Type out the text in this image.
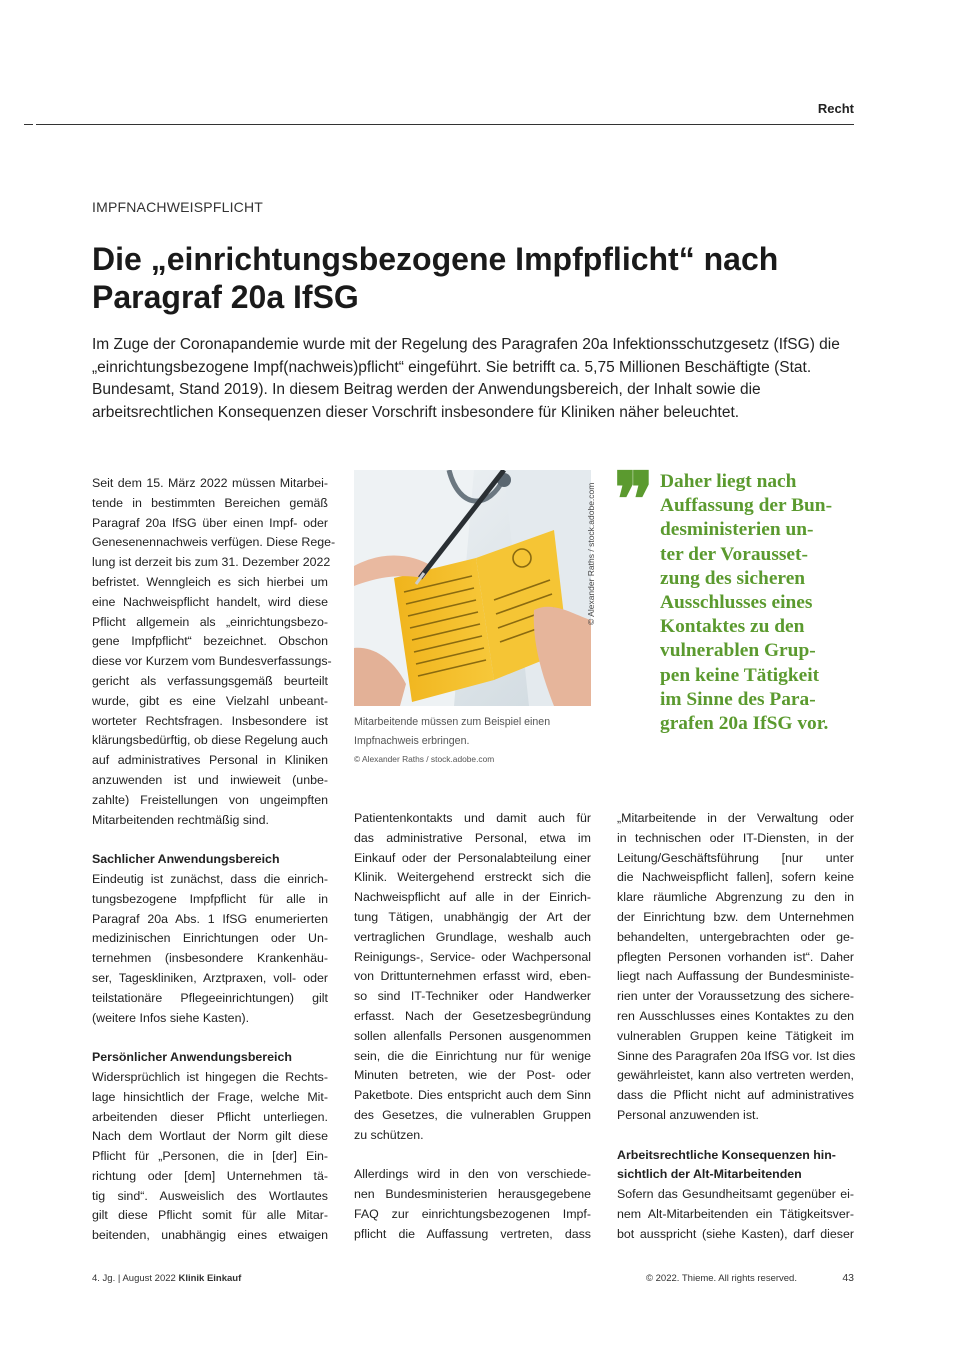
Recht
IMPFNACHWEISPFLICHT
Die „einrichtungsbezogene Impfpflicht“ nach Paragraf 20a IfSG

Im Zuge der Coronapandemie wurde mit der Regelung des Paragrafen 20a Infektionsschutzgesetz (IfSG) die „einrichtungsbezogene Impf(nachweis)pflicht“ eingeführt. Sie betrifft ca. 5,75 Millionen Beschäftigte (Stat. Bundesamt, Stand 2019). In diesem Beitrag werden der Anwendungsbereich, der Inhalt sowie die arbeitsrechtlichen Konsequenzen dieser Vorschrift insbesondere für Kliniken näher beleuchtet.

Seit dem 15. März 2022 müssen Mitarbei-
tende in bestimmten Bereichen gemäß
Paragraf 20a IfSG über einen Impf- oder
Genesenennachweis verfügen. Diese Rege-
lung ist derzeit bis zum 31. Dezember 2022
befristet. Wenngleich es sich hierbei um
eine Nachweispflicht handelt, wird diese
Pflicht allgemein als „einrichtungsbezo-
gene Impfpflicht“ bezeichnet. Obschon
diese vor Kurzem vom Bundesverfassungs-
gericht als verfassungsgemäß beurteilt
wurde, gibt es eine Vielzahl unbeant-
worteter Rechtsfragen. Insbesondere ist
klärungsbedürftig, ob diese Regelung auch
auf administratives Personal in Kliniken
anzuwenden ist und inwieweit (unbe-
zahlte) Freistellungen von ungeimpften
Mitarbeitenden rechtmäßig sind.
Sachlicher Anwendungsbereich
Eindeutig ist zunächst, dass die einrich-
tungsbezogene Impfpflicht für alle in
Paragraf 20a Abs. 1 IfSG enumerierten
medizinischen Einrichtungen oder Un-
ternehmen (insbesondere Krankenhäu-
ser, Tageskliniken, Arztpraxen, voll- oder
teilstationäre Pflegeeinrichtungen) gilt
(weitere Infos siehe Kasten).
Persönlicher Anwendungsbereich
Widersprüchlich ist hingegen die Rechts-
lage hinsichtlich der Frage, welche Mit-
arbeitenden dieser Pflicht unterliegen.
Nach dem Wortlaut der Norm gilt diese
Pflicht für „Personen, die in [der] Ein-
richtung oder [dem] Unternehmen tä-
tig sind“. Ausweislich des Wortlautes
gilt diese Pflicht somit für alle Mitar-
beitenden, unabhängig eines etwaigen
© Alexander Raths / stock.adobe.com
Mitarbeitende müssen zum Beispiel einen
Impfnachweis erbringen.
© Alexander Raths / stock.adobe.com
❞ Daher liegt nach
Auffassung der Bun-
desministerien un-
ter der Vorausset-
zung des sicheren
Ausschlusses eines
Kontaktes zu den
vulnerablen Grup-
pen keine Tätigkeit
im Sinne des Para-
grafen 20a IfSG vor.
Patientenkontakts und damit auch für
das administrative Personal, etwa im
Einkauf oder der Personalabteilung einer
Klinik. Weitergehend erstreckt sich die
Nachweispflicht auf alle in der Einrich-
tung Tätigen, unabhängig der Art der
vertraglichen Grundlage, weshalb auch
Reinigungs-, Service- oder Wachpersonal
von Drittunternehmen erfasst wird, eben-
so sind IT-Techniker oder Handwerker
erfasst. Nach der Gesetzesbegründung
sollen allenfalls Personen ausgenommen
sein, die die Einrichtung nur für wenige
Minuten betreten, wie der Post- oder
Paketbote. Dies entspricht auch dem Sinn
des Gesetzes, die vulnerablen Gruppen
zu schützen.
Allerdings wird in den von verschiede-
nen Bundesministerien herausgegebene
FAQ zur einrichtungsbezogenen Impf-
pflicht die Auffassung vertreten, dass
„Mitarbeitende in der Verwaltung oder
in technischen oder IT-Diensten, in der
Leitung/Geschäftsführung [nur unter
die Nachweispflicht fallen], sofern keine
klare räumliche Abgrenzung zu den in
der Einrichtung bzw. dem Unternehmen
behandelten, untergebrachten oder ge-
pflegten Personen vorhanden ist“. Daher
liegt nach Auffassung der Bundesministe-
rien unter der Voraussetzung des sichere-
ren Ausschlusses eines Kontaktes zu den
vulnerablen Gruppen keine Tätigkeit im
Sinne des Paragrafen 20a IfSG vor. Ist dies
gewährleistet, kann also vertreten werden,
dass die Pflicht nicht auf administratives
Personal anzuwenden ist.
Arbeitsrechtliche Konsequenzen hin-
sichtlich der Alt-Mitarbeitenden
Sofern das Gesundheitsamt gegenüber ei-
nem Alt-Mitarbeitenden ein Tätigkeitsver-
bot ausspricht (siehe Kasten), darf dieser
4. Jg. | August 2022 Klinik Einkauf	© 2022. Thieme. All rights reserved.	43
